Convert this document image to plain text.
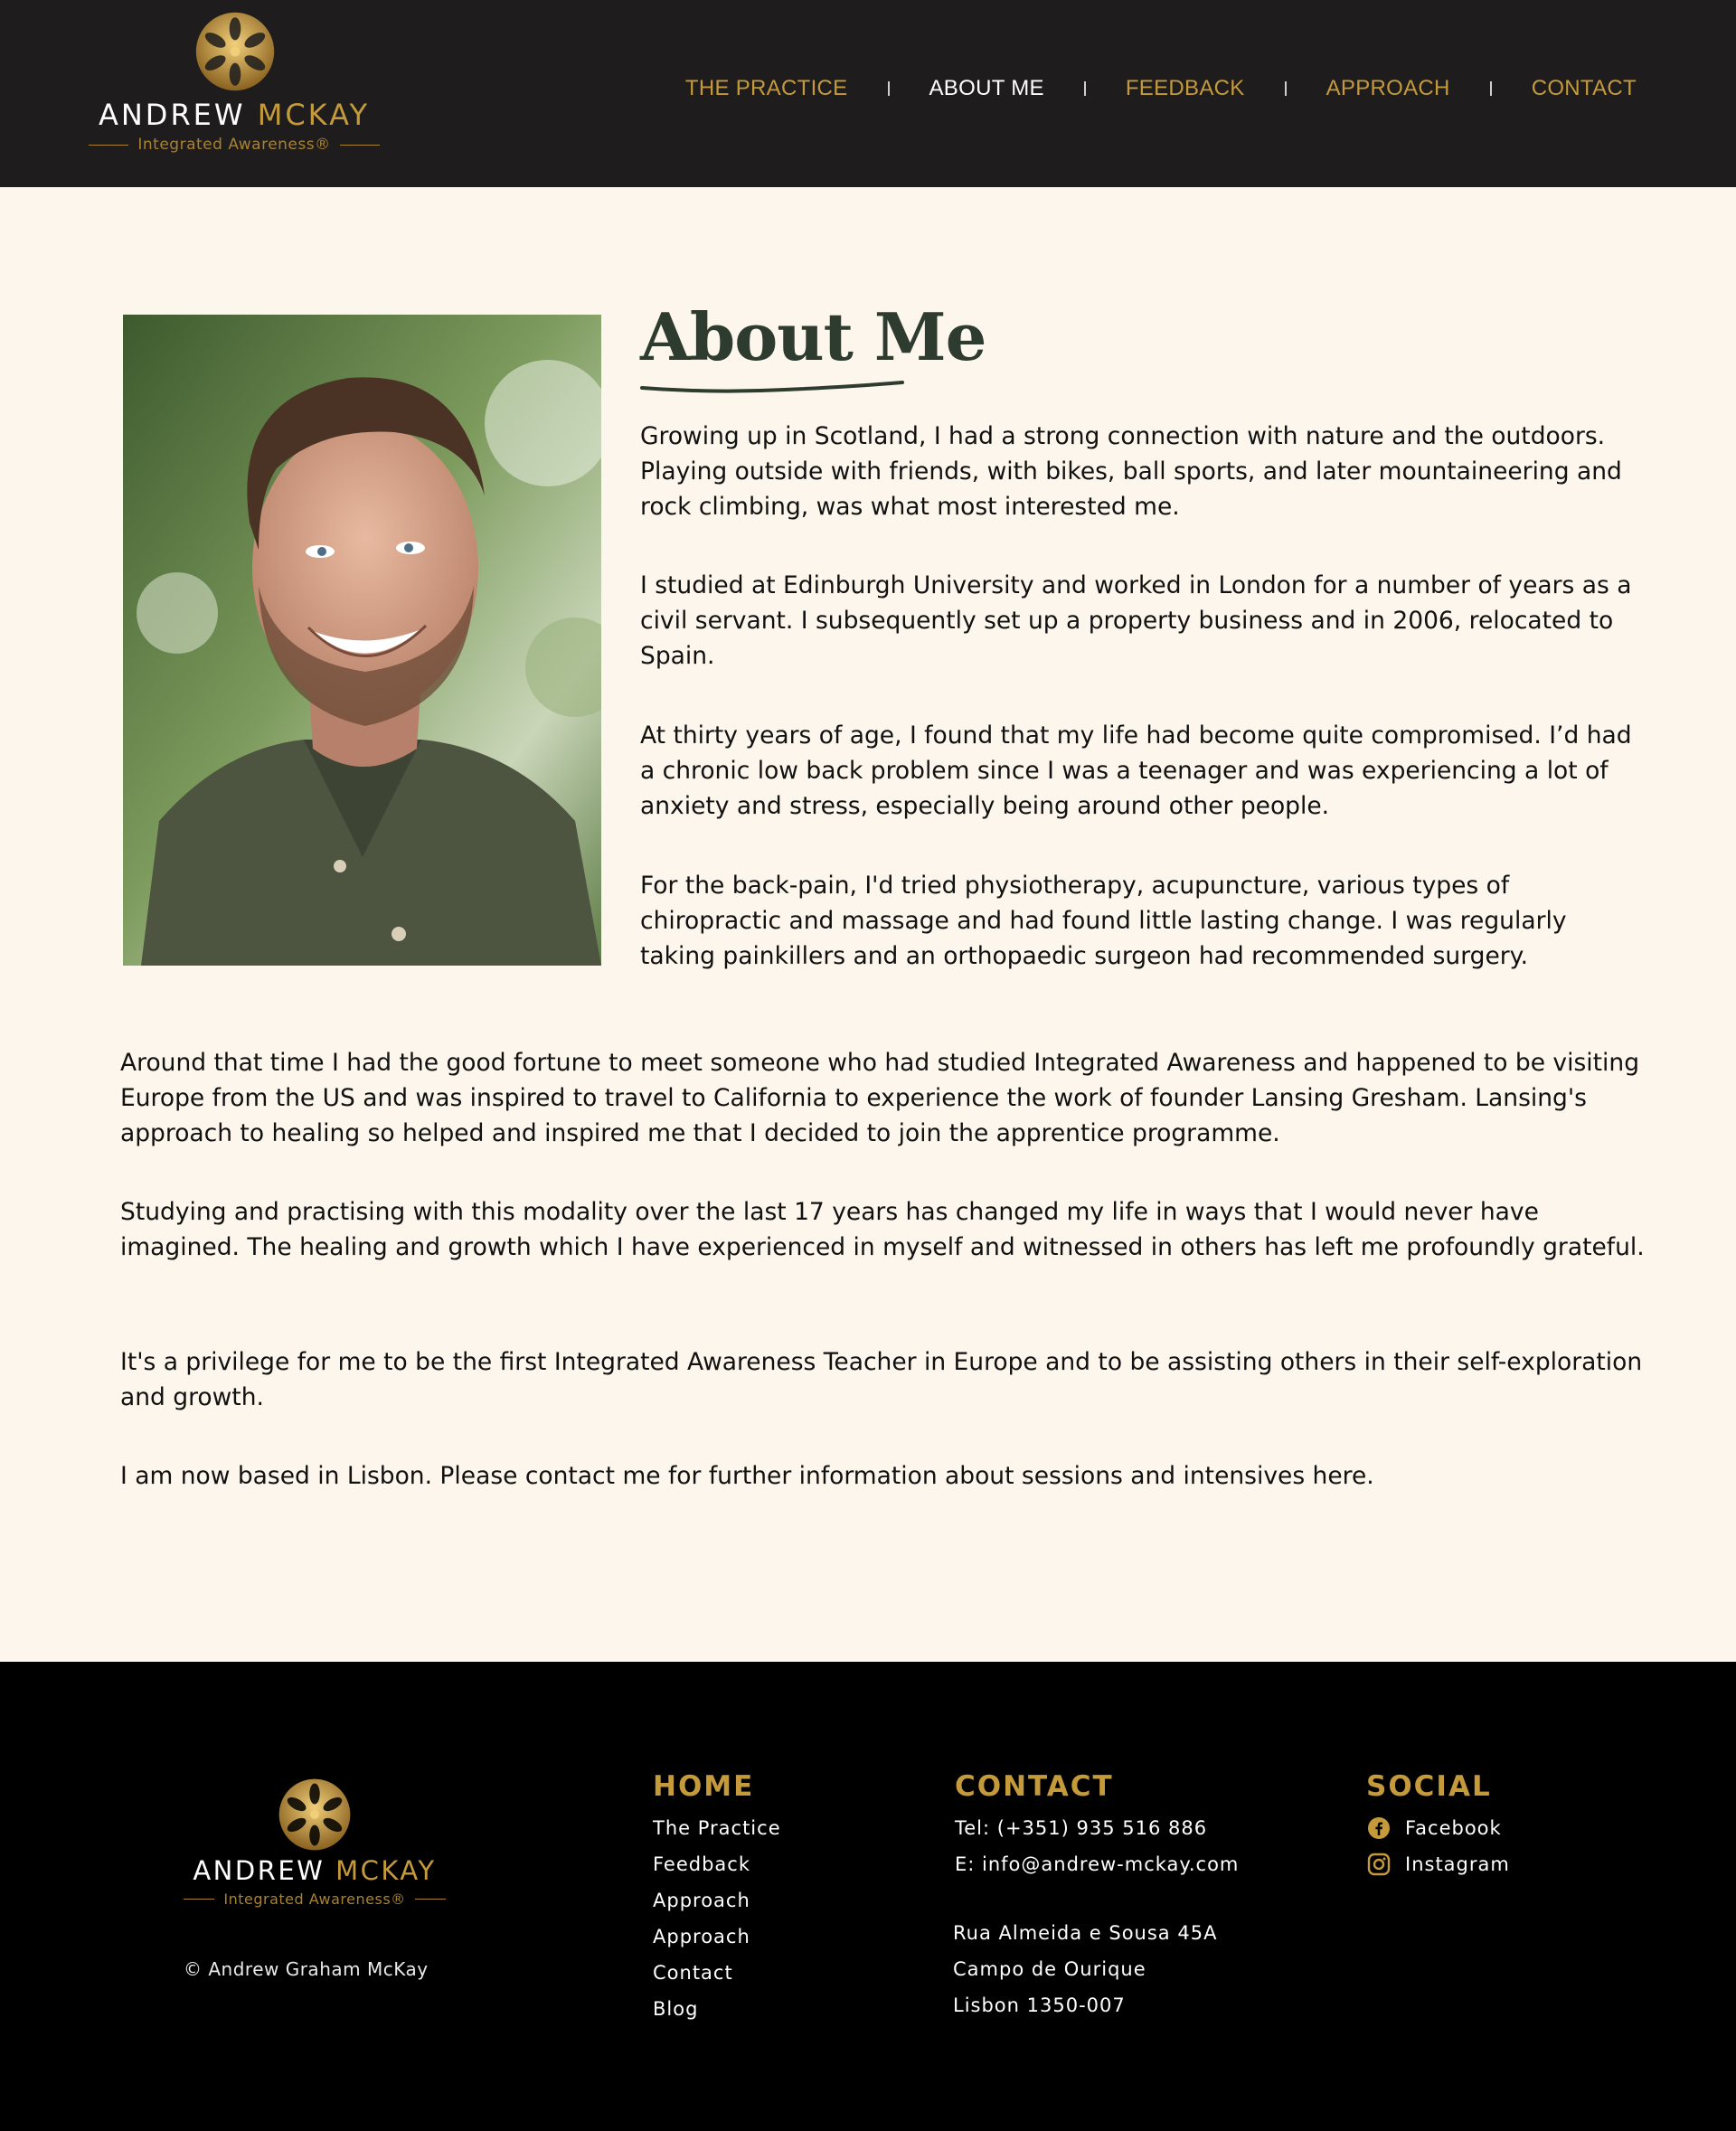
ANDREW MCKAY
Integrated Awareness®
THE PRACTICE	ABOUT ME	FEEDBACK	APPROACH	CONTACT
About Me

Growing up in Scotland, I had a strong connection with nature and the outdoors. Playing outside with friends, with bikes, ball sports, and later mountaineering and rock climbing, was what most interested me.

I studied at Edinburgh University and worked in London for a number of years as a civil servant. I subsequently set up a property business and in 2006, relocated to Spain.

At thirty years of age, I found that my life had become quite compromised. I’d had a chronic low back problem since I was a teenager and was experiencing a lot of anxiety and stress, especially being around other people.

For the back-pain, I'd tried physiotherapy, acupuncture, various types of chiropractic and massage and had found little lasting change. I was regularly taking painkillers and an orthopaedic surgeon had recommended surgery.

Around that time I had the good fortune to meet someone who had studied Integrated Awareness and happened to be visiting Europe from the US and was inspired to travel to California to experience the work of founder Lansing Gresham. Lansing's approach to healing so helped and inspired me that I decided to join the apprentice programme.

Studying and practising with this modality over the last 17 years has changed my life in ways that I would never have imagined. The healing and growth which I have experienced in myself and witnessed in others has left me profoundly grateful.

It's a privilege for me to be the first Integrated Awareness Teacher in Europe and to be assisting others in their self-exploration and growth.

I am now based in Lisbon. Please contact me for further information about sessions and intensives here.

ANDREW MCKAY
Integrated Awareness®
© Andrew Graham McKay
HOME
The Practice
Feedback
Approach
Approach
Contact
Blog
CONTACT
Tel: (+351) 935 516 886
E: info@andrew-mckay.com
Rua Almeida e Sousa 45A
Campo de Ourique
Lisbon 1350-007
SOCIAL
Facebook
Instagram
